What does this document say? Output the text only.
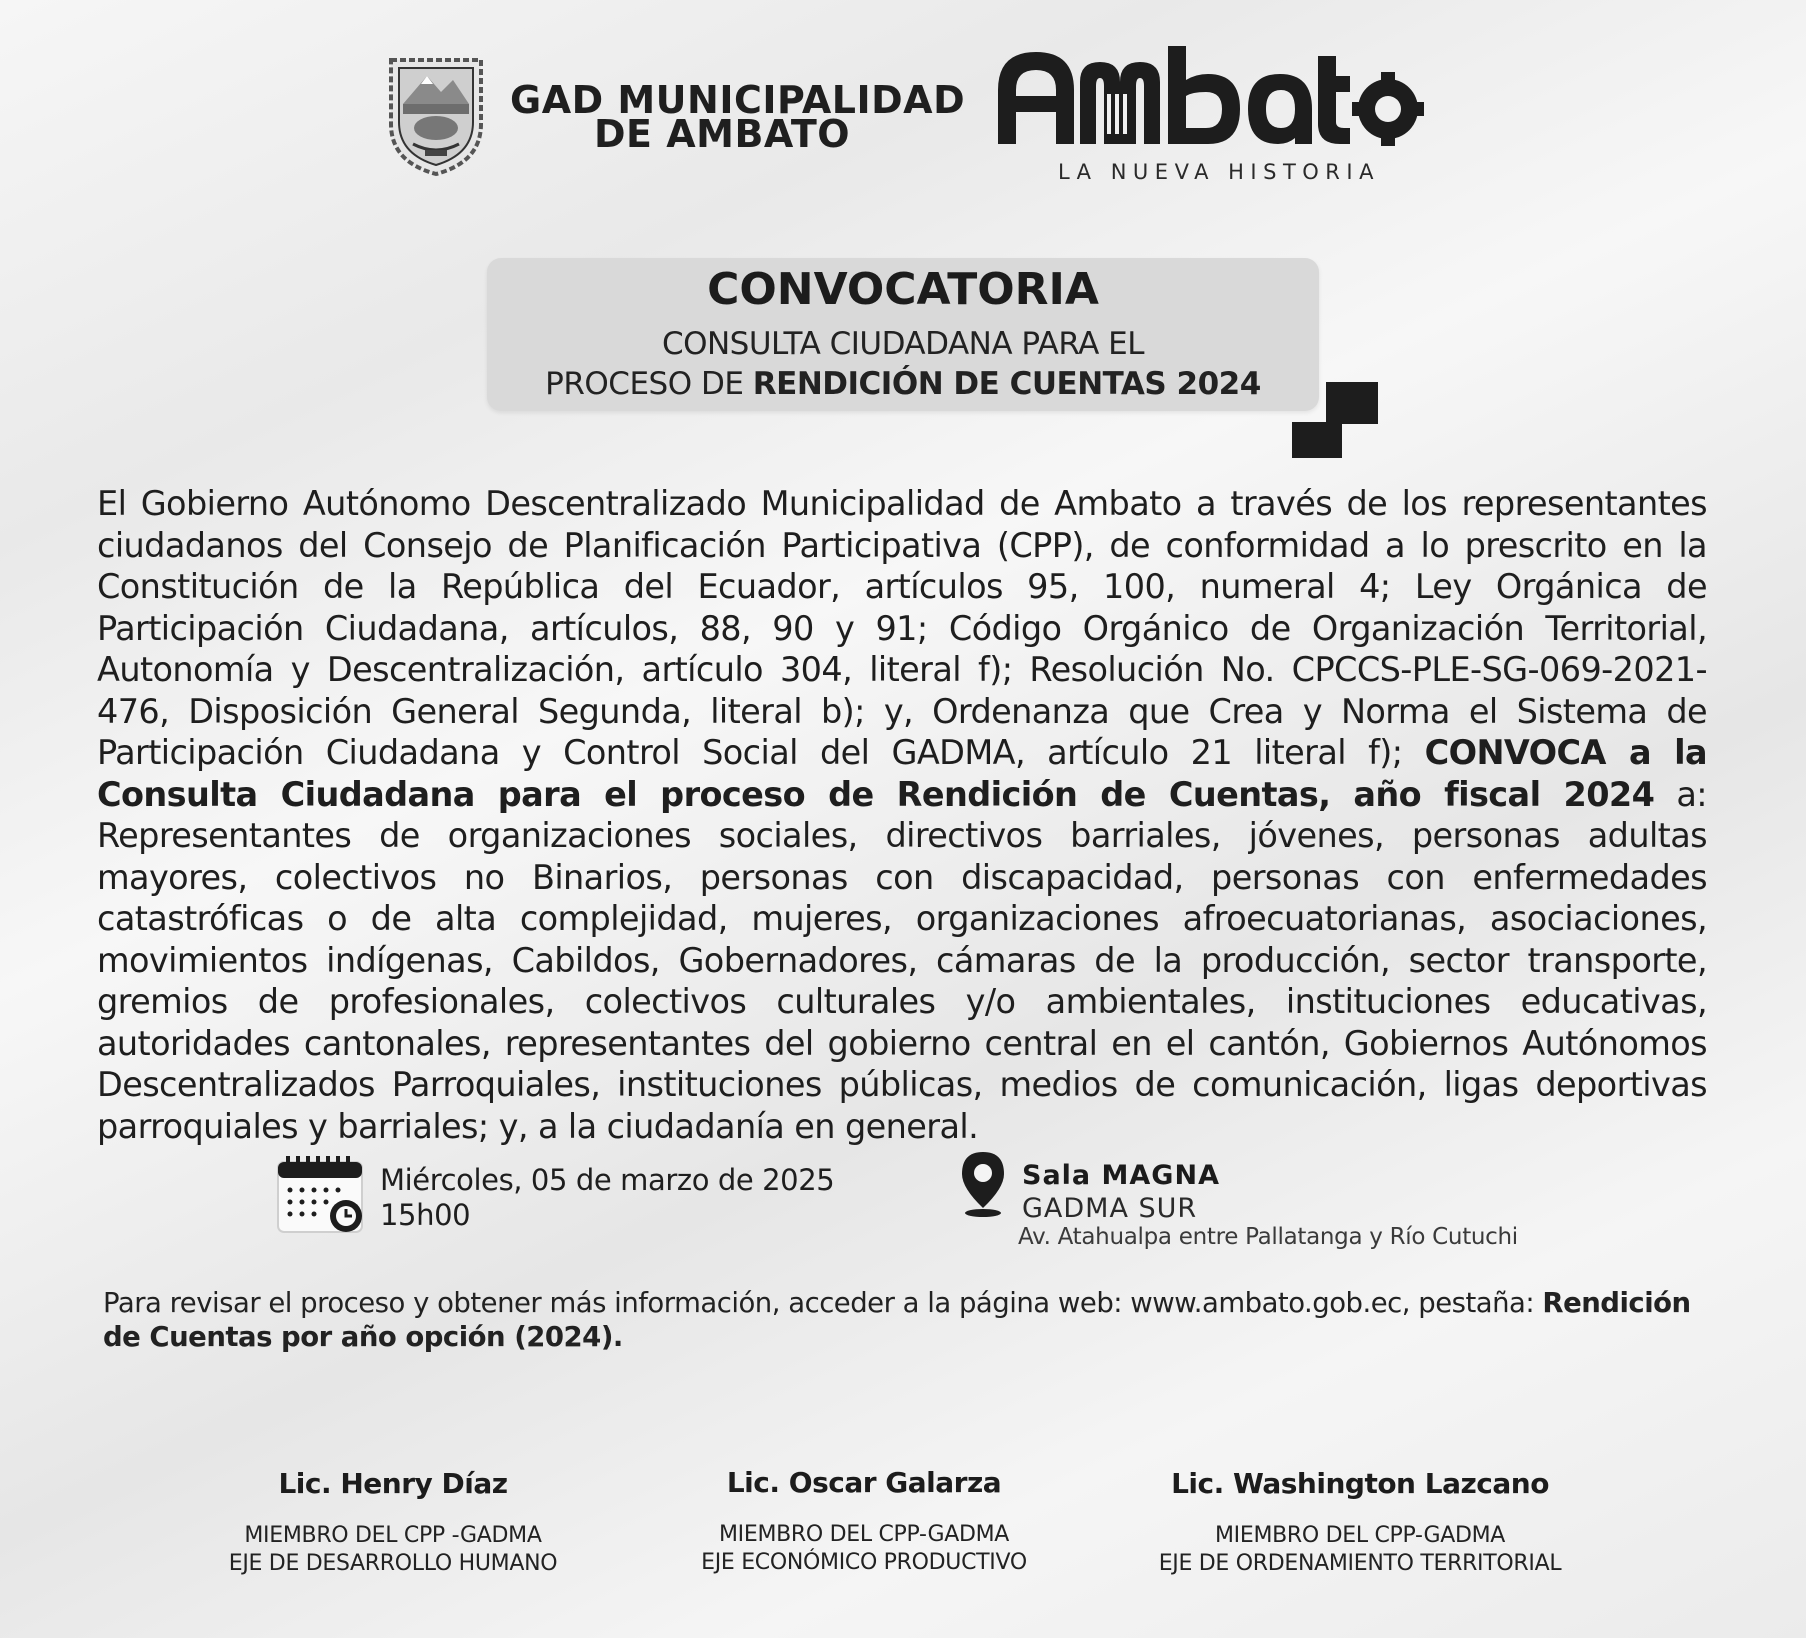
GAD MUNICIPALIDAD
DE AMBATO
LA NUEVA HISTORIA
CONVOCATORIA
CONSULTA CIUDADANA PARA EL
PROCESO DE RENDICIÓN DE CUENTAS 2024
El Gobierno Autónomo Descentralizado Municipalidad de Ambato a través de los representantes ciudadanos del Consejo de Planificación Participativa (CPP), de conformidad a lo prescrito en la Constitución de la República del Ecuador, artículos 95, 100, numeral 4; Ley Orgánica de Participación Ciudadana, artículos, 88, 90 y 91; Código Orgánico de Organización Territorial, Autonomía y Descentralización, artículo 304, literal f); Resolución No. CPCCS-PLE-SG-069-2021-476, Disposición General Segunda, literal b); y, Ordenanza que Crea y Norma el Sistema de Participación Ciudadana y Control Social del GADMA, artículo 21 literal f); CONVOCA a la Consulta Ciudadana para el proceso de Rendición de Cuentas, año fiscal 2024 a: Representantes de organizaciones sociales, directivos barriales, jóvenes, personas adultas mayores, colectivos no Binarios, personas con discapacidad, personas con enfermedades catastróficas o de alta complejidad, mujeres, organizaciones afroecuatorianas, asociaciones, movimientos indígenas, Cabildos, Gobernadores, cámaras de la producción, sector transporte, gremios de profesionales, colectivos culturales y/o ambientales, instituciones educativas, autoridades cantonales, representantes del gobierno central en el cantón, Gobiernos Autónomos Descentralizados Parroquiales, instituciones públicas, medios de comunicación, ligas deportivas parroquiales y barriales; y, a la ciudadanía en general.
Miércoles, 05 de marzo de 2025
15h00
Sala MAGNA
GADMA SUR
Av. Atahualpa entre Pallatanga y Río Cutuchi
Para revisar el proceso y obtener más información, acceder a la página web: www.ambato.gob.ec, pestaña: Rendición de Cuentas por año opción (2024).
Lic. Henry Díaz
MIEMBRO DEL CPP -GADMA
EJE DE DESARROLLO HUMANO
Lic. Oscar Galarza
MIEMBRO DEL CPP-GADMA
EJE ECONÓMICO PRODUCTIVO
Lic. Washington Lazcano
MIEMBRO DEL CPP-GADMA
EJE DE ORDENAMIENTO TERRITORIAL
